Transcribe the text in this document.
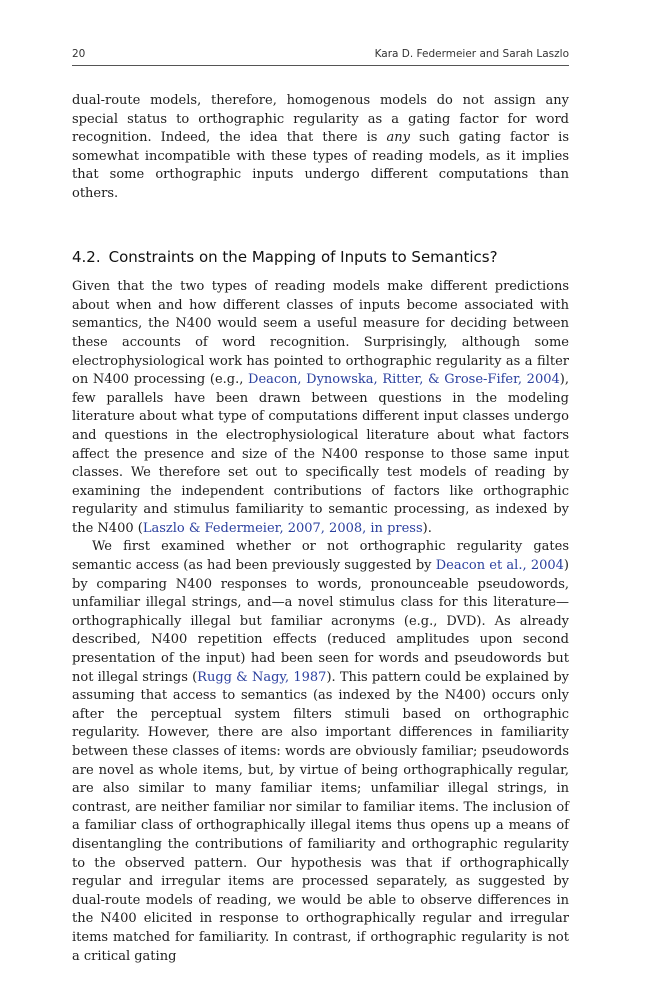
20	Kara D. Federmeier and Sarah Laszlo

dual-route models, therefore, homogenous models do not assign any special status to orthographic regularity as a gating factor for word recognition. Indeed, the idea that there is any such gating factor is somewhat incompatible with these types of reading models, as it implies that some orthographic inputs undergo different computations than others.

4.2. Constraints on the Mapping of Inputs to Semantics?

Given that the two types of reading models make different predictions about when and how different classes of inputs become associated with semantics, the N400 would seem a useful measure for deciding between these accounts of word recognition. Surprisingly, although some electrophysiological work has pointed to orthographic regularity as a filter on N400 processing (e.g., Deacon, Dynowska, Ritter, & Grose-Fifer, 2004), few parallels have been drawn between questions in the modeling literature about what type of computations different input classes undergo and questions in the electrophysiological literature about what factors affect the presence and size of the N400 response to those same input classes. We therefore set out to specifically test models of reading by examining the independent contributions of factors like orthographic regularity and stimulus familiarity to semantic processing, as indexed by the N400 (Laszlo & Federmeier, 2007, 2008, in press).

We first examined whether or not orthographic regularity gates semantic access (as had been previously suggested by Deacon et al., 2004) by comparing N400 responses to words, pronounceable pseudowords, unfamiliar illegal strings, and—a novel stimulus class for this literature—orthographically illegal but familiar acronyms (e.g., DVD). As already described, N400 repetition effects (reduced amplitudes upon second presentation of the input) had been seen for words and pseudowords but not illegal strings (Rugg & Nagy, 1987). This pattern could be explained by assuming that access to semantics (as indexed by the N400) occurs only after the perceptual system filters stimuli based on orthographic regularity. However, there are also important differences in familiarity between these classes of items: words are obviously familiar; pseudowords are novel as whole items, but, by virtue of being orthographically regular, are also similar to many familiar items; unfamiliar illegal strings, in contrast, are neither familiar nor similar to familiar items. The inclusion of a familiar class of orthographically illegal items thus opens up a means of disentangling the contributions of familiarity and orthographic regularity to the observed pattern. Our hypothesis was that if orthographically regular and irregular items are processed separately, as suggested by dual-route models of reading, we would be able to observe differences in the N400 elicited in response to orthographically regular and irregular items matched for familiarity. In contrast, if orthographic regularity is not a critical gating
